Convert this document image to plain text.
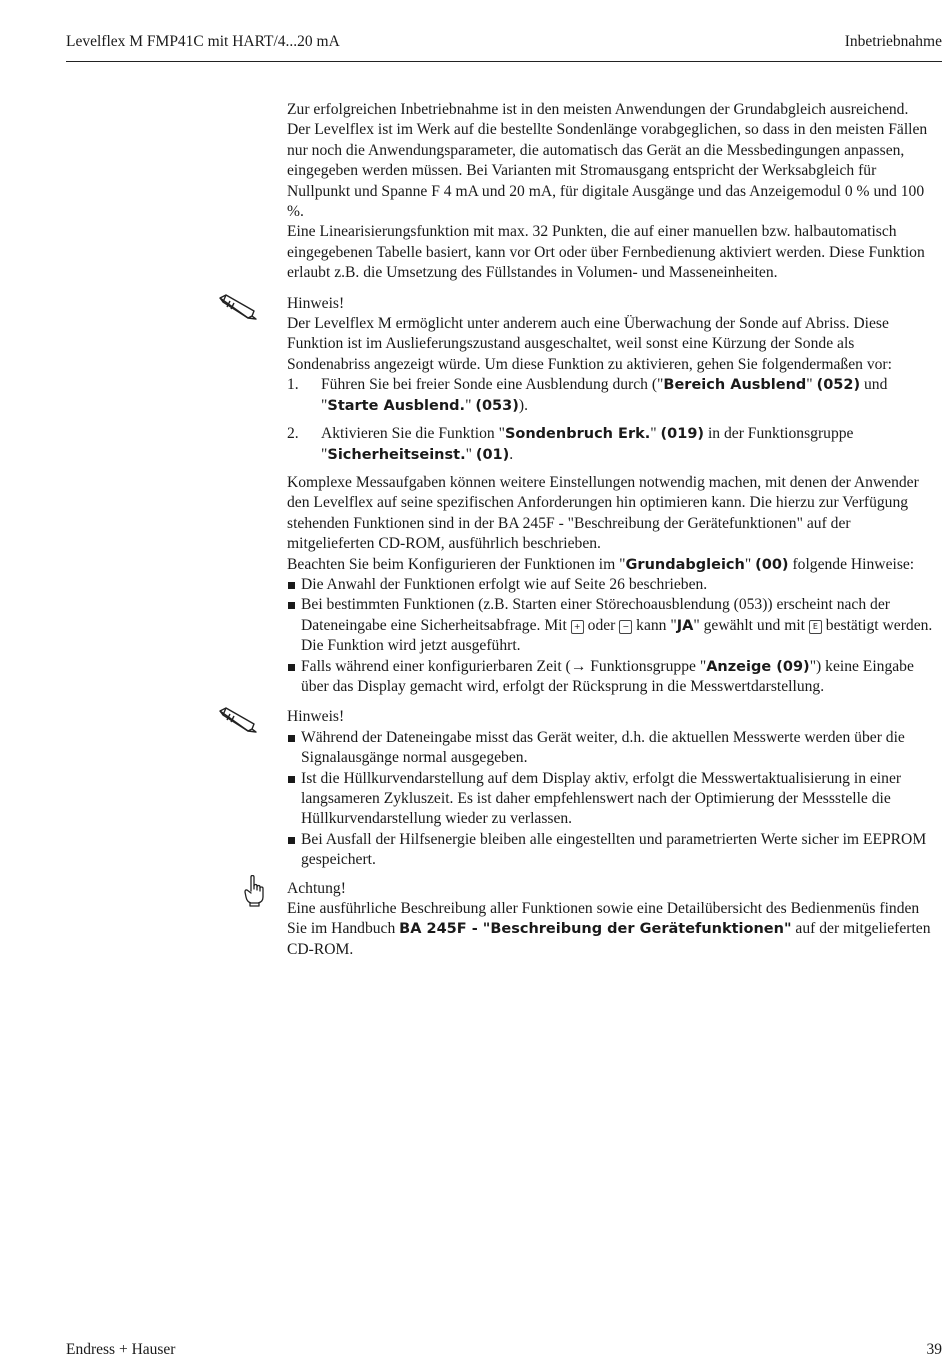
Levelflex M FMP41C mit HART/4...20 mA	Inbetriebnahme

Zur erfolgreichen Inbetriebnahme ist in den meisten Anwendungen der Grundabgleich ausreichend.

Der Levelflex ist im Werk auf die bestellte Sondenlänge vorabgeglichen, so dass in den meisten Fällen nur noch die Anwendungsparameter, die automatisch das Gerät an die Messbedingungen anpassen, eingegeben werden müssen. Bei Varianten mit Stromausgang entspricht der Werksabgleich für Nullpunkt und Spanne F 4 mA und 20 mA, für digitale Ausgänge und das Anzeigemodul 0 % und 100 %.

Eine Linearisierungsfunktion mit max. 32 Punkten, die auf einer manuellen bzw. halbautomatisch eingegebenen Tabelle basiert, kann vor Ort oder über Fernbedienung aktiviert werden. Diese Funktion erlaubt z.B. die Umsetzung des Füllstandes in Volumen- und Masseneinheiten.

Hinweis!

Der Levelflex M ermöglicht unter anderem auch eine Überwachung der Sonde auf Abriss. Diese Funktion ist im Auslieferungszustand ausgeschaltet, weil sonst eine Kürzung der Sonde als Sondenabriss angezeigt würde. Um diese Funktion zu aktivieren, gehen Sie folgendermaßen vor:

1. Führen Sie bei freier Sonde eine Ausblendung durch ("Bereich Ausblend" (052) und "Starte Ausblend." (053)).
2. Aktivieren Sie die Funktion "Sondenbruch Erk." (019) in der Funktionsgruppe "Sicherheitseinst." (01).

Komplexe Messaufgaben können weitere Einstellungen notwendig machen, mit denen der Anwender den Levelflex auf seine spezifischen Anforderungen hin optimieren kann. Die hierzu zur Verfügung stehenden Funktionen sind in der BA 245F - "Beschreibung der Gerätefunktionen" auf der mitgelieferten CD-ROM, ausführlich beschrieben.

Beachten Sie beim Konfigurieren der Funktionen im "Grundabgleich" (00) folgende Hinweise:

Die Anwahl der Funktionen erfolgt wie auf Seite 26 beschrieben.
Bei bestimmten Funktionen (z.B. Starten einer Störechoausblendung (053)) erscheint nach der Dateneingabe eine Sicherheitsabfrage. Mit + oder − kann "JA" gewählt und mit E bestätigt werden. Die Funktion wird jetzt ausgeführt.
Falls während einer konfigurierbaren Zeit (→ Funktionsgruppe "Anzeige (09)") keine Eingabe über das Display gemacht wird, erfolgt der Rücksprung in die Messwertdarstellung.

Hinweis!

Während der Dateneingabe misst das Gerät weiter, d.h. die aktuellen Messwerte werden über die Signalausgänge normal ausgegeben.
Ist die Hüllkurvendarstellung auf dem Display aktiv, erfolgt die Messwertaktualisierung in einer langsameren Zykluszeit. Es ist daher empfehlenswert nach der Optimierung der Messstelle die Hüllkurvendarstellung wieder zu verlassen.
Bei Ausfall der Hilfsenergie bleiben alle eingestellten und parametrierten Werte sicher im EEPROM gespeichert.

Achtung!

Eine ausführliche Beschreibung aller Funktionen sowie eine Detailübersicht des Bedienmenüs finden Sie im Handbuch BA 245F - "Beschreibung der Gerätefunktionen" auf der mitgelieferten CD-ROM.

Endress + Hauser	39
